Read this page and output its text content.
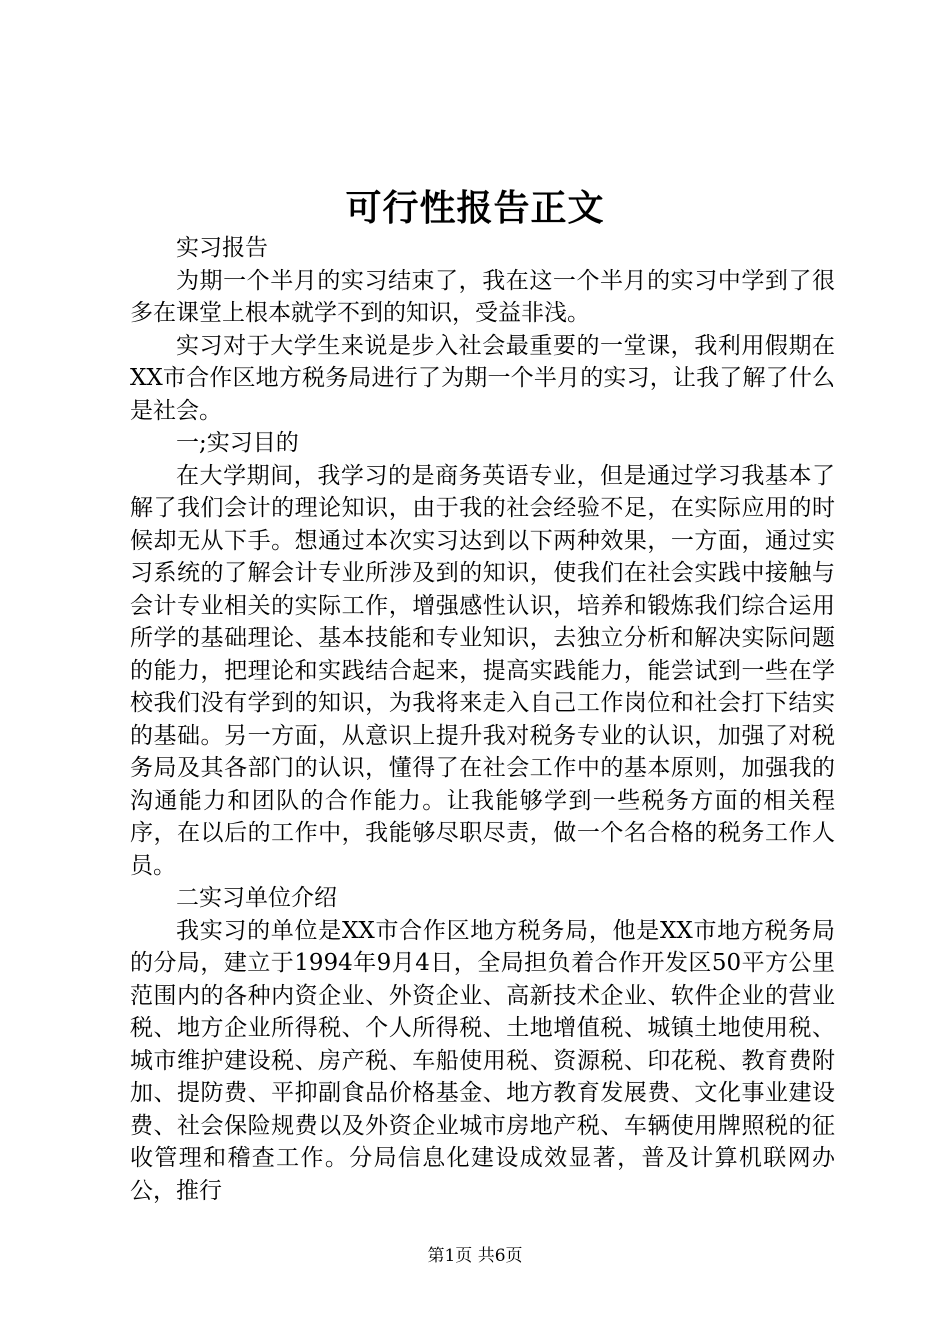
可行性报告正文

实习报告

为期一个半月的实习结束了，我在这一个半月的实习中学到了很多在课堂上根本就学不到的知识，受益非浅。

实习对于大学生来说是步入社会最重要的一堂课，我利用假期在XX市合作区地方税务局进行了为期一个半月的实习，让我了解了什么是社会。

一;实习目的

在大学期间，我学习的是商务英语专业，但是通过学习我基本了解了我们会计的理论知识，由于我的社会经验不足，在实际应用的时候却无从下手。想通过本次实习达到以下两种效果，一方面，通过实习系统的了解会计专业所涉及到的知识，使我们在社会实践中接触与会计专业相关的实际工作，增强感性认识，培养和锻炼我们综合运用所学的基础理论、基本技能和专业知识，去独立分析和解决实际问题的能力，把理论和实践结合起来，提高实践能力，能尝试到一些在学校我们没有学到的知识，为我将来走入自己工作岗位和社会打下结实的基础。另一方面，从意识上提升我对税务专业的认识，加强了对税务局及其各部门的认识，懂得了在社会工作中的基本原则，加强我的沟通能力和团队的合作能力。让我能够学到一些税务方面的相关程序，在以后的工作中，我能够尽职尽责，做一个名合格的税务工作人员。

二实习单位介绍

我实习的单位是XX市合作区地方税务局，他是XX市地方税务局的分局，建立于1994年9月4日，全局担负着合作开发区50平方公里范围内的各种内资企业、外资企业、高新技术企业、软件企业的营业税、地方企业所得税、个人所得税、土地增值税、城镇土地使用税、城市维护建设税、房产税、车船使用税、资源税、印花税、教育费附加、提防费、平抑副食品价格基金、地方教育发展费、文化事业建设费、社会保险规费以及外资企业城市房地产税、车辆使用牌照税的征收管理和稽查工作。分局信息化建设成效显著，普及计算机联网办公，推行

第1页 共6页
